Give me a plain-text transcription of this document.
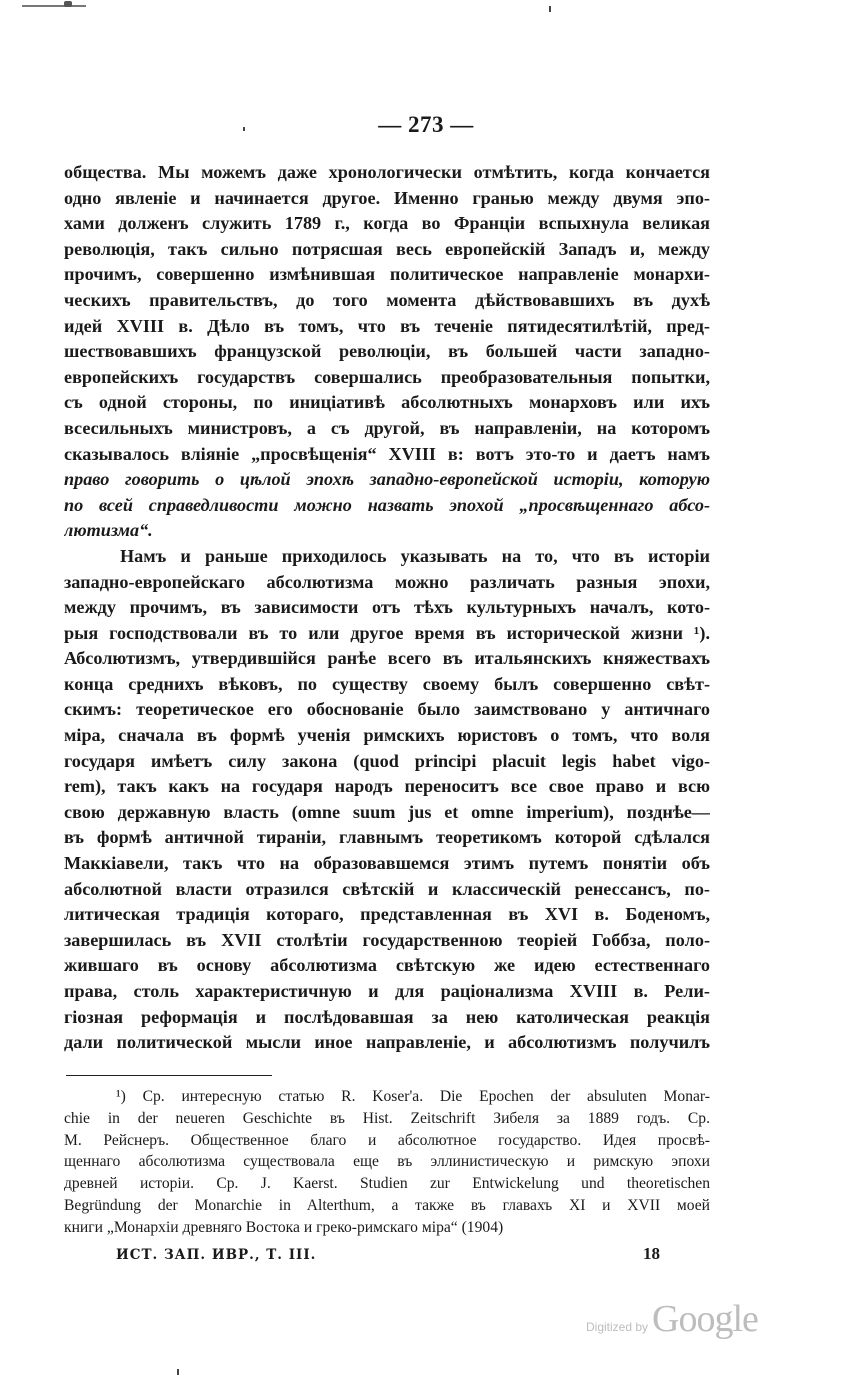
— 273 —
общества. Мы можемъ даже хронологически отмѣтить, когда кончается
одно явленіе и начинается другое. Именно гранью между двумя эпо-
хами долженъ служить 1789 г., когда во Франціи вспыхнула великая
революція, такъ сильно потрясшая весь европейскій Западъ и, между
прочимъ, совершенно измѣнившая политическое направленіе монархи-
ческихъ правительствъ, до того момента дѣйствовавшихъ въ духѣ
идей XVIII в. Дѣло въ томъ, что въ теченіе пятидесятилѣтій, пред-
шествовавшихъ французской революціи, въ большей части западно-
европейскихъ государствъ совершались преобразовательныя попытки,
съ одной стороны, по иниціативѣ абсолютныхъ монарховъ или ихъ
всесильныхъ министровъ, а съ другой, въ направленіи, на которомъ
сказывалось вліяніе „просвѣщенія“ XVIII в: вотъ это-то и даетъ намъ
право говорить о цѣлой эпохѣ западно-европейской исторіи, которую
по всей справедливости можно назвать эпохой „просвѣщеннаго абсо-
лютизма“.
Намъ и раньше приходилось указывать на то, что въ исторіи
западно-европейскаго абсолютизма можно различать разныя эпохи,
между прочимъ, въ зависимости отъ тѣхъ культурныхъ началъ, кото-
рыя господствовали въ то или другое время въ исторической жизни ¹).
Абсолютизмъ, утвердившійся ранѣе всего въ итальянскихъ княжествахъ
конца среднихъ вѣковъ, по существу своему былъ совершенно свѣт-
скимъ: теоретическое его обоснованіе было заимствовано у античнаго
міра, сначала въ формѣ ученія римскихъ юристовъ о томъ, что воля
государя имѣетъ силу закона (quod principi placuit legis habet vigo-
rem), такъ какъ на государя народъ переноситъ все свое право и всю
свою державную власть (omne suum jus et omne imperium), позднѣе—
въ формѣ античной тираніи, главнымъ теоретикомъ которой сдѣлался
Маккіавели, такъ что на образовавшемся этимъ путемъ понятіи объ
абсолютной власти отразился свѣтскій и классическій ренессансъ, по-
литическая традиція котораго, представленная въ XVI в. Боденомъ,
завершилась въ XVII столѣтіи государственною теоріей Гоббза, поло-
жившаго въ основу абсолютизма свѣтскую же идею естественнаго
права, столь характеристичную и для раціонализма XVIII в. Рели-
гіозная реформація и послѣдовавшая за нею католическая реакція
дали политической мысли иное направленіе, и абсолютизмъ получилъ
¹) Ср. интересную статью R. Koser'a. Die Epochen der absuluten Monar-
chie in der neueren Geschichte въ Hist. Zeitschrift Зибеля за 1889 годъ. Ср.
М. Рейснеръ. Общественное благо и абсолютное государство. Идея просвѣ-
щеннаго абсолютизма существовала еще въ эллинистическую и римскую эпохи
древней исторіи. Ср. J. Kaerst. Studien zur Entwickelung und theoretischen
Begründung der Monarchie in Alterthum, а также въ главахъ XI и XVII моей
книги „Монархіи древняго Востока и греко-римскаго міра“ (1904)
ИСТ. ЗАП. ИВР., Т. III.	18
Digitized by Google
